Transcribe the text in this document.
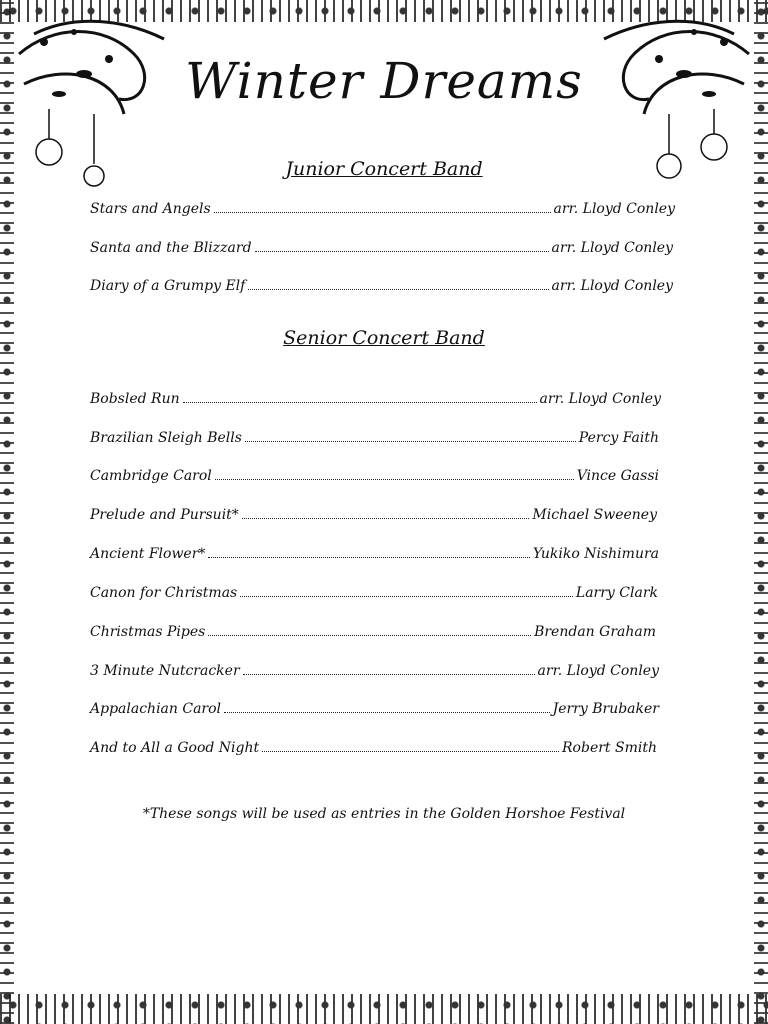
Winter Dreams
Junior Concert Band
Stars and Angels	arr. Lloyd Conley
Santa and the Blizzard	arr. Lloyd Conley
Diary of a Grumpy Elf	arr. Lloyd Conley
Senior Concert Band
Bobsled Run	arr. Lloyd Conley
Brazilian Sleigh Bells	Percy Faith
Cambridge Carol	Vince Gassi
Prelude and Pursuit*	Michael Sweeney
Ancient Flower*	Yukiko Nishimura
Canon for Christmas	Larry Clark
Christmas Pipes	Brendan Graham
3 Minute Nutcracker	arr. Lloyd Conley
Appalachian Carol	Jerry Brubaker
And to All a Good Night	Robert Smith
*These songs will be used as entries in the Golden Horshoe Festival
